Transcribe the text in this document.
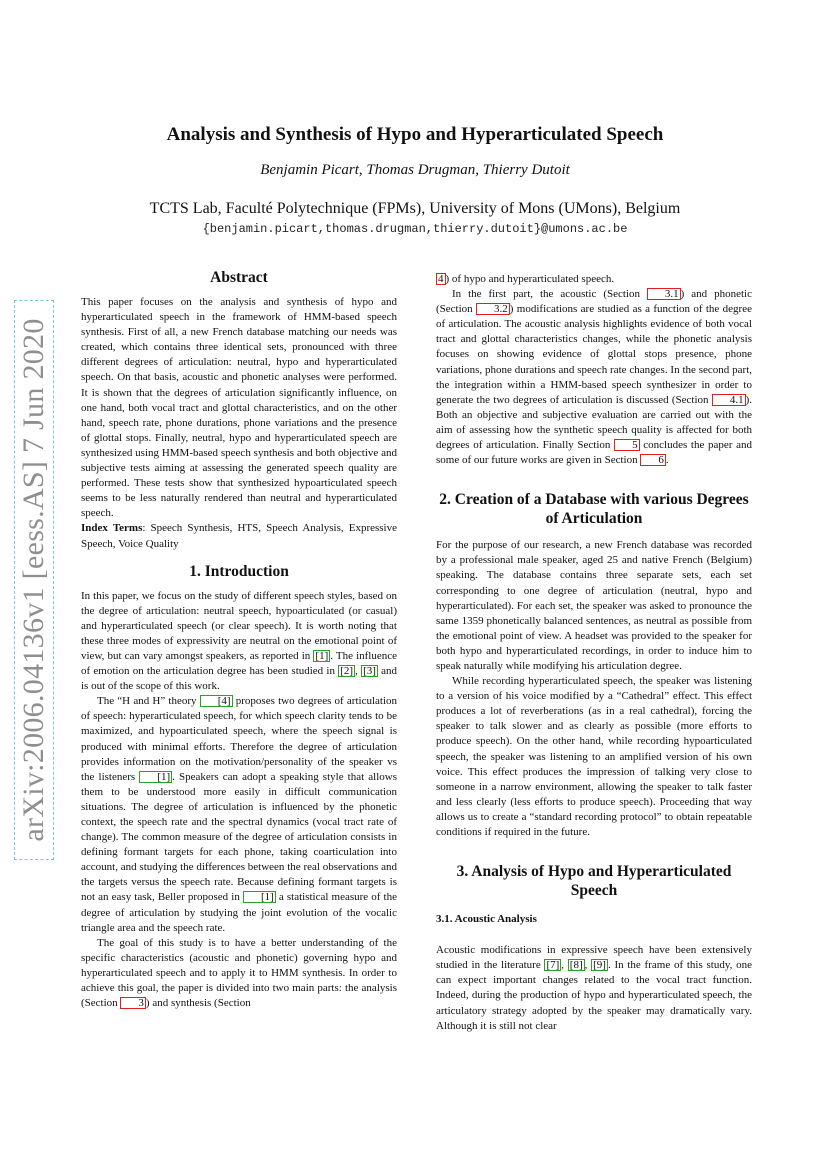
arXiv:2006.04136v1 [eess.AS] 7 Jun 2020
Analysis and Synthesis of Hypo and Hyperarticulated Speech
Benjamin Picart, Thomas Drugman, Thierry Dutoit
TCTS Lab, Faculté Polytechnique (FPMs), University of Mons (UMons), Belgium
{benjamin.picart,thomas.drugman,thierry.dutoit}@umons.ac.be
Abstract

This paper focuses on the analysis and synthesis of hypo and hyperarticulated speech in the framework of HMM-based speech synthesis. First of all, a new French database matching our needs was created, which contains three identical sets, pronounced with three different degrees of articulation: neutral, hypo and hyperarticulated speech. On that basis, acoustic and phonetic analyses were performed. It is shown that the degrees of articulation significantly influence, on one hand, both vocal tract and glottal characteristics, and on the other hand, speech rate, phone durations, phone variations and the presence of glottal stops. Finally, neutral, hypo and hyperarticulated speech are synthesized using HMM-based speech synthesis and both objective and subjective tests aiming at assessing the generated speech quality are performed. These tests show that synthesized hypoarticulated speech seems to be less naturally rendered than neutral and hyperarticulated speech.

Index Terms: Speech Synthesis, HTS, Speech Analysis, Expressive Speech, Voice Quality

1. Introduction

In this paper, we focus on the study of different speech styles, based on the degree of articulation: neutral speech, hypoarticulated (or casual) and hyperarticulated speech (or clear speech). It is worth noting that these three modes of expressivity are neutral on the emotional point of view, but can vary amongst speakers, as reported in [1] . The influence of emotion on the articulation degree has been studied in [2] , [3] and is out of the scope of this work.

The “H and H” theory [4] proposes two degrees of articulation of speech: hyperarticulated speech, for which speech clarity tends to be maximized, and hypoarticulated speech, where the speech signal is produced with minimal efforts. Therefore the degree of articulation provides information on the motivation/personality of the speaker vs the listeners [1] . Speakers can adopt a speaking style that allows them to be understood more easily in difficult communication situations. The degree of articulation is influenced by the phonetic context, the speech rate and the spectral dynamics (vocal tract rate of change). The common measure of the degree of articulation consists in defining formant targets for each phone, taking coarticulation into account, and studying the differences between the real observations and the targets versus the speech rate. Because defining formant targets is not an easy task, Beller proposed in [1] a statistical measure of the degree of articulation by studying the joint evolution of the vocalic triangle area and the speech rate.

The goal of this study is to have a better understanding of the specific characteristics (acoustic and phonetic) governing hypo and hyperarticulated speech and to apply it to HMM synthesis. In order to achieve this goal, the paper is divided into two main parts: the analysis (Section 3 ) and synthesis (Section

4 ) of hypo and hyperarticulated speech.

In the first part, the acoustic (Section 3.1 ) and phonetic (Section 3.2 ) modifications are studied as a function of the degree of articulation. The acoustic analysis highlights evidence of both vocal tract and glottal characteristics changes, while the phonetic analysis focuses on showing evidence of glottal stops presence, phone variations, phone durations and speech rate changes. In the second part, the integration within a HMM-based speech synthesizer in order to generate the two degrees of articulation is discussed (Section 4.1 ). Both an objective and subjective evaluation are carried out with the aim of assessing how the synthetic speech quality is affected for both degrees of articulation. Finally Section 5 concludes the paper and some of our future works are given in Section 6 .

2. Creation of a Database with various Degrees of Articulation

For the purpose of our research, a new French database was recorded by a professional male speaker, aged 25 and native French (Belgium) speaking. The database contains three separate sets, each set corresponding to one degree of articulation (neutral, hypo and hyperarticulated). For each set, the speaker was asked to pronounce the same 1359 phonetically balanced sentences, as neutral as possible from the emotional point of view. A headset was provided to the speaker for both hypo and hyperarticulated recordings, in order to induce him to speak naturally while modifying his articulation degree.

While recording hyperarticulated speech, the speaker was listening to a version of his voice modified by a “Cathedral” effect. This effect produces a lot of reverberations (as in a real cathedral), forcing the speaker to talk slower and as clearly as possible (more efforts to produce speech). On the other hand, while recording hypoarticulated speech, the speaker was listening to an amplified version of his own voice. This effect produces the impression of talking very close to someone in a narrow environment, allowing the speaker to talk faster and less clearly (less efforts to produce speech). Proceeding that way allows us to create a “standard recording protocol” to obtain repeatable conditions if required in the future.

3. Analysis of Hypo and Hyperarticulated Speech
3.1. Acoustic Analysis

Acoustic modifications in expressive speech have been extensively studied in the literature [7] , [8] , [9] . In the frame of this study, one can expect important changes related to the vocal tract function. Indeed, during the production of hypo and hyperarticulated speech, the articulatory strategy adopted by the speaker may dramatically vary. Although it is still not clear
